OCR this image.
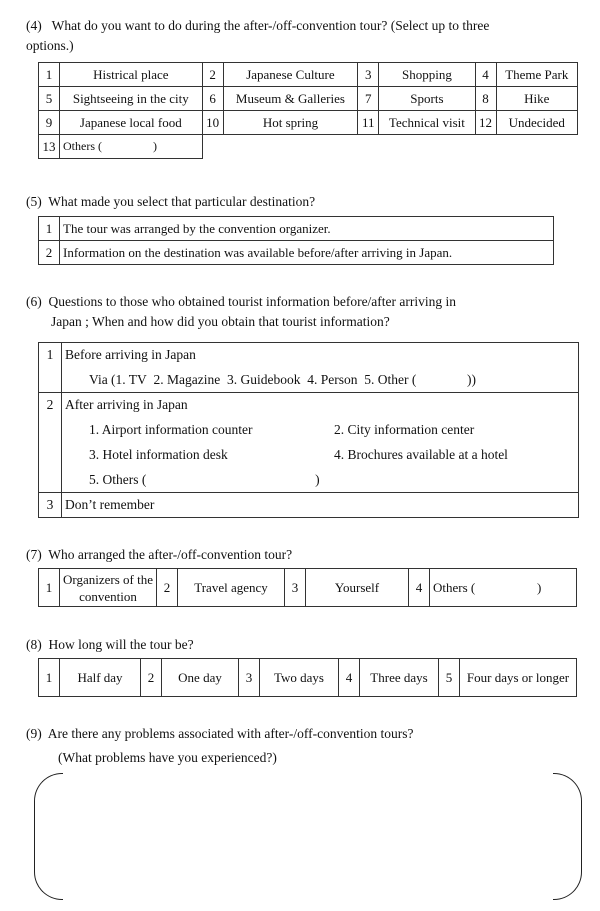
(4)   What do you want to do during the after-/off-convention tour? (Select up to three
options.)
1	Histrical place	2	Japanese Culture	3	Shopping	4	Theme Park
5	Sightseeing in the city	6	Museum & Galleries	7	Sports	8	Hike
9	Japanese local food	10	Hot spring	11	Technical visit	12	Undecided
13	Others (                 )						
(5)  What made you select that particular destination?
1	The tour was arranged by the convention organizer.
2	Information on the destination was available before/after arriving in Japan.
(6)  Questions to those who obtained tourist information before/after arriving in
Japan ; When and how did you obtain that tourist information?
1 Before arriving in Japan
Via (1. TV  2. Magazine  3. Guidebook  4. Person  5. Other (               ))
2 After arriving in Japan
1. Airport information counter	2. City information center
3. Hotel information desk	4. Brochures available at a hotel
5. Others (                                                  )
3 Don’t remember
(7)  Who arranged the after-/off-convention tour?
1	Organizers of the convention	2	Travel agency	3	Yourself	4	Others (                   )
(8)  How long will the tour be?
1	Half day	2	One day	3	Two days	4	Three days	5	Four days or longer
(9)  Are there any problems associated with after-/off-convention tours?
(What problems have you experienced?)
